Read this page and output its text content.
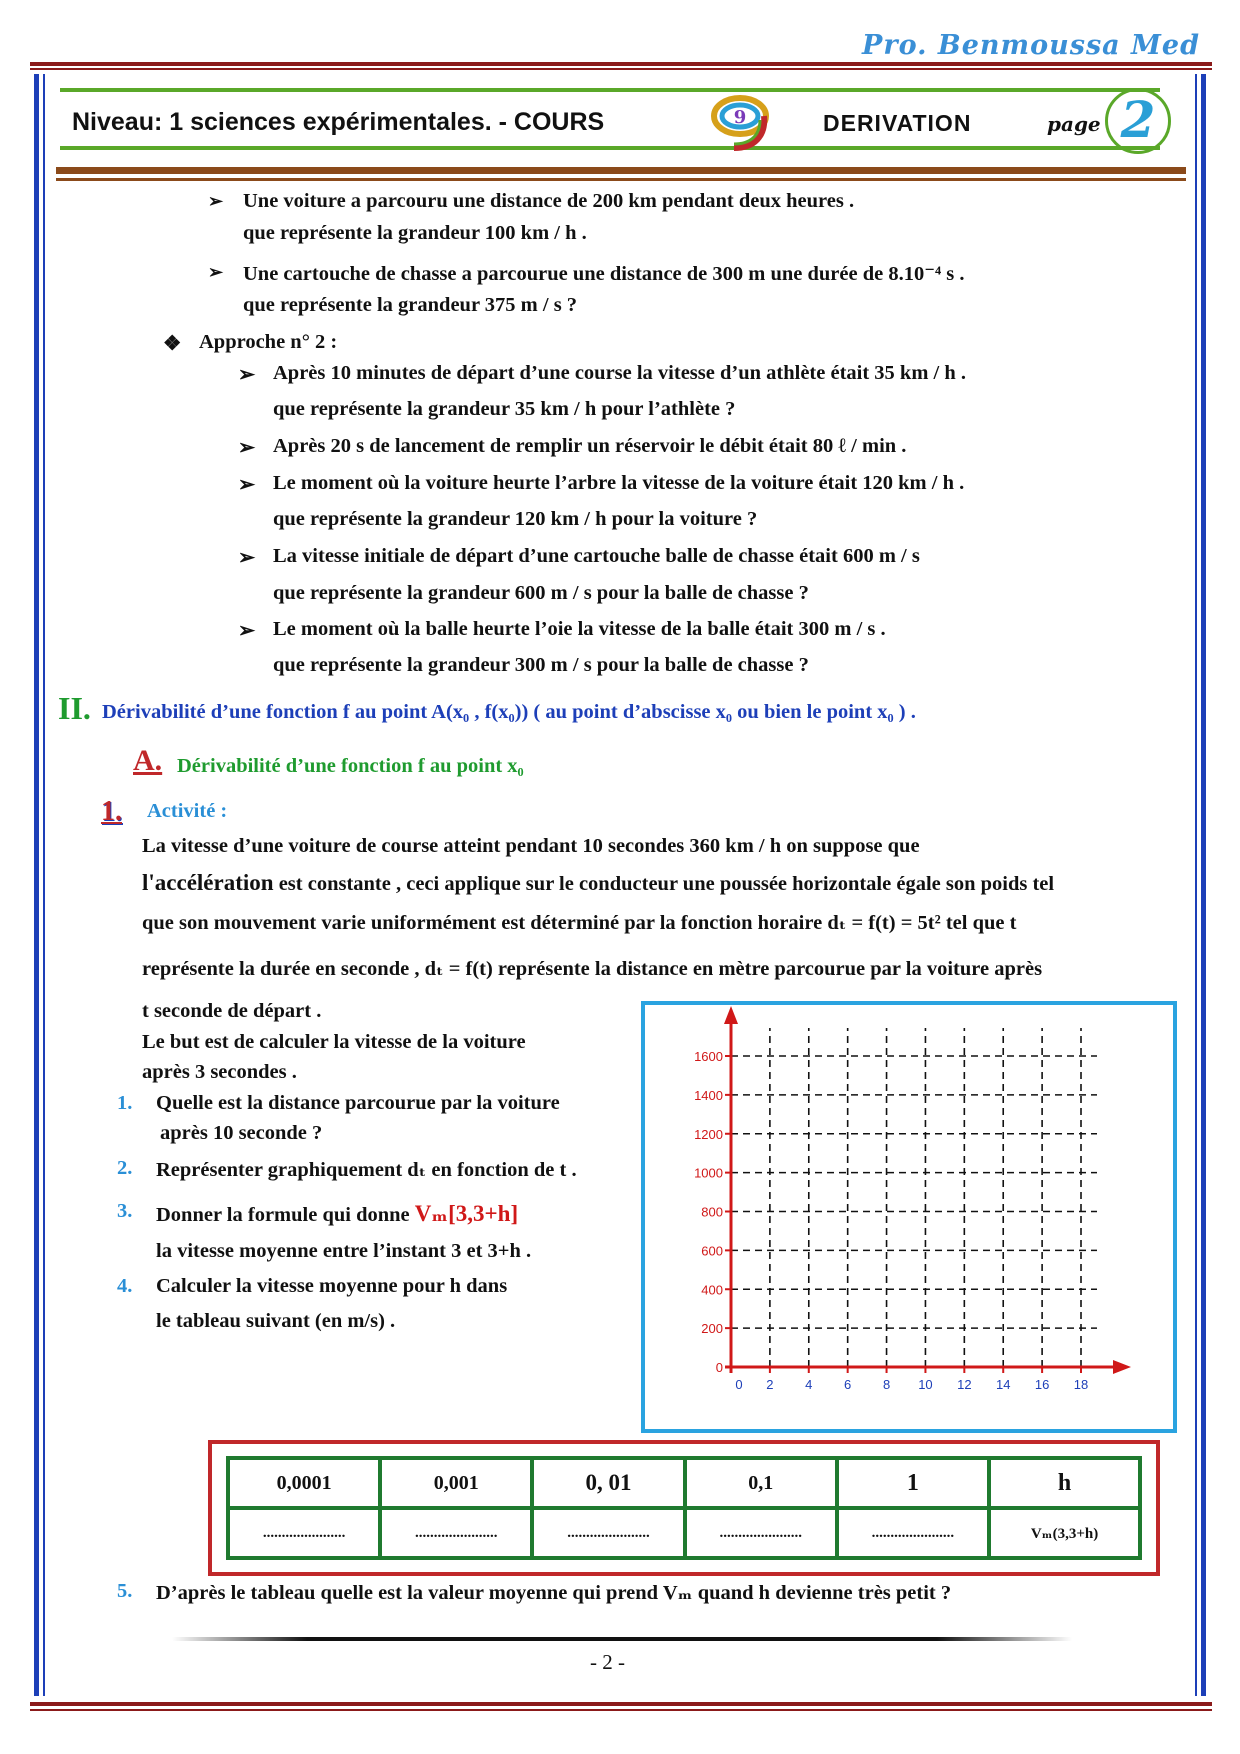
Pro. Benmoussa Med
Niveau: 1 sciences expérimentales. - COURS	9	DERIVATION	page 2
➢ Une voiture a parcouru une distance de 200 km pendant deux heures .
que représente la grandeur 100 km / h .
➢ Une cartouche de chasse a parcourue une distance de 300 m une durée de 8.10⁻⁴ s .
que représente la grandeur 375 m / s ?
❖ Approche n° 2 :
➢ Après 10 minutes de départ d’une course la vitesse d’un athlète était 35 km / h .
que représente la grandeur 35 km / h pour l’athlète ?
➢ Après 20 s de lancement de remplir un réservoir le débit était 80 ℓ / min .
➢ Le moment où la voiture heurte l’arbre la vitesse de la voiture était 120 km / h .
que représente la grandeur 120 km / h pour la voiture ?
➢ La vitesse initiale de départ d’une cartouche balle de chasse était 600 m / s
que représente la grandeur 600 m / s pour la balle de chasse ?
➢ Le moment où la balle heurte l’oie la vitesse de la balle était 300 m / s .
que représente la grandeur 300 m / s pour la balle de chasse ?
II. Dérivabilité d’une fonction f au point A(x₀ , f(x₀)) ( au point d’abscisse x₀ ou bien le point x₀ ) .
A. Dérivabilité d’une fonction f au point x₀
1. Activité :
La vitesse d’une voiture de course atteint pendant 10 secondes 360 km / h on suppose que
l'accélération est constante , ceci applique sur le conducteur une poussée horizontale égale son poids tel
que son mouvement varie uniformément est déterminé par la fonction horaire dₜ = f(t) = 5t² tel que t
représente la durée en seconde , dₜ = f(t) représente la distance en mètre parcourue par la voiture après
t seconde de départ .
Le but est de calculer la vitesse de la voiture
après 3 secondes .
1. Quelle est la distance parcourue par la voiture
après 10 seconde ?
2. Représenter graphiquement dₜ en fonction de t .
3. Donner la formule qui donne Vₘ[3,3+h]
la vitesse moyenne entre l’instant 3 et 3+h .
4. Calculer la vitesse moyenne pour h dans
le tableau suivant (en m/s) .
0
200
400
600
800
1000
1200
1400
1600
0 2 4 6 8 10 12 14 16 18
0,0001	0,001	0, 01	0,1	1	h
......................	......................	......................	......................	......................	Vₘ(3,3+h)
5. D’après le tableau quelle est la valeur moyenne qui prend Vₘ quand h devienne très petit ?
- 2 -
